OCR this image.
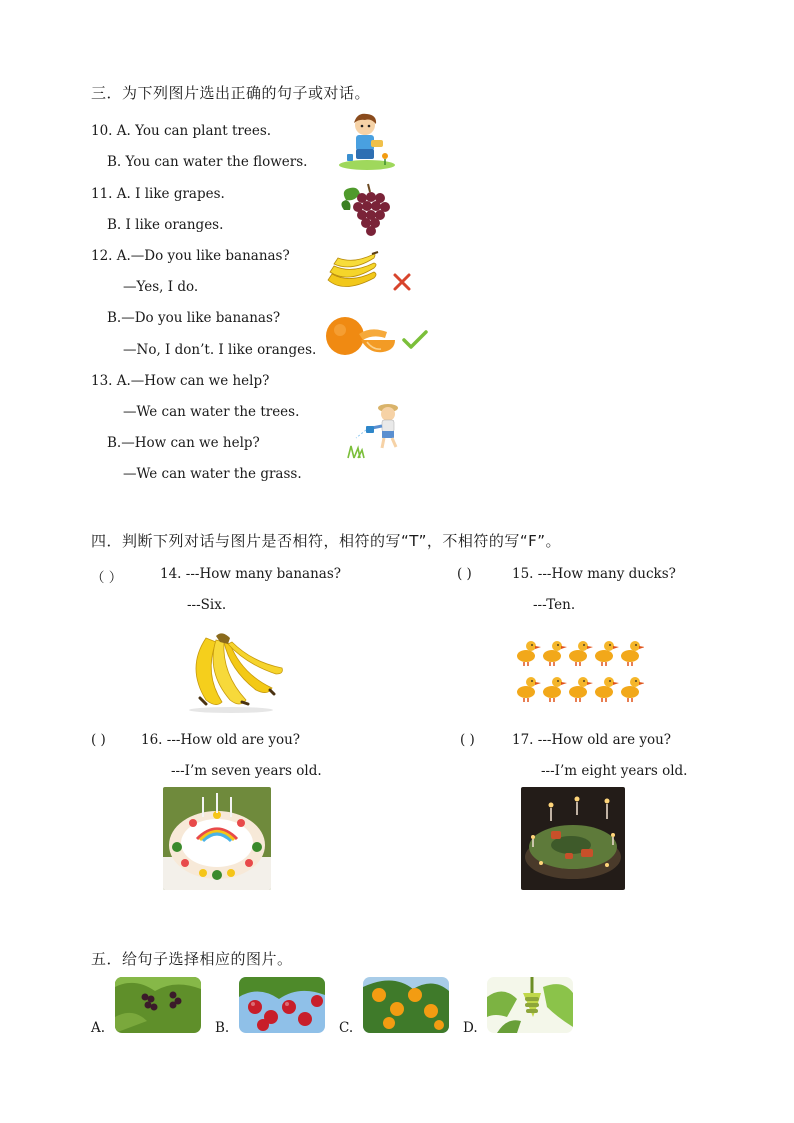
三．为下列图片选出正确的句子或对话。
10. A. You can plant trees.
B. You can water the flowers.
11. A. I like grapes.
B. I like oranges.
12. A.—Do you like bananas?
—Yes, I do.
B.—Do you like bananas?
—No, I don’t. I like oranges.
13. A.—How can we help?
—We can water the trees.
B.—How can we help?
—We can water the grass.
四．判断下列对话与图片是否相符，相符的写“T”，不相符的写“F”。
（ ）	14. ---How many bananas?
---Six.
( )	15. ---How many ducks?
---Ten.
( )	16. ---How old are you?
---I’m seven years old.
( )	17. ---How old are you?
---I’m eight years old.
五．给句子选择相应的图片。
A.	B.	C.	D.
